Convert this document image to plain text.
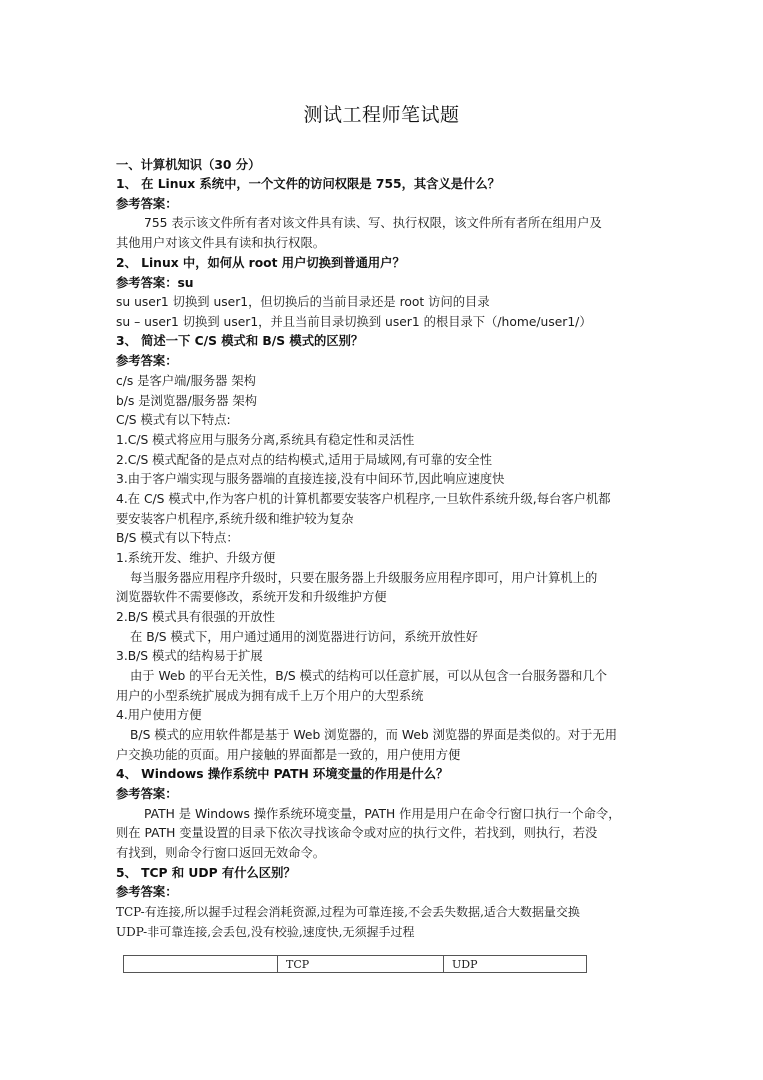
测试工程师笔试题
一、计算机知识（30 分）
1、 在 Linux 系统中，一个文件的访问权限是 755，其含义是什么？
参考答案：
755 表示该文件所有者对该文件具有读、写、执行权限，该文件所有者所在组用户及
其他用户对该文件具有读和执行权限。
2、 Linux 中，如何从 root 用户切换到普通用户？
参考答案：su
su user1 切换到 user1，但切换后的当前目录还是 root 访问的目录
su – user1 切换到 user1，并且当前目录切换到 user1 的根目录下（/home/user1/）
3、 简述一下 C/S 模式和 B/S 模式的区别？
参考答案：
c/s 是客户端/服务器 架构
b/s 是浏览器/服务器 架构
C/S 模式有以下特点:
1.C/S 模式将应用与服务分离,系统具有稳定性和灵活性
2.C/S 模式配备的是点对点的结构模式,适用于局域网,有可靠的安全性
3.由于客户端实现与服务器端的直接连接,没有中间环节,因此响应速度快
4.在 C/S 模式中,作为客户机的计算机都要安装客户机程序,一旦软件系统升级,每台客户机都
要安装客户机程序,系统升级和维护较为复杂
B/S 模式有以下特点：
1.系统开发、维护、升级方便
每当服务器应用程序升级时，只要在服务器上升级服务应用程序即可，用户计算机上的
浏览器软件不需要修改，系统开发和升级维护方便
2.B/S 模式具有很强的开放性
在 B/S 模式下，用户通过通用的浏览器进行访问，系统开放性好
3.B/S 模式的结构易于扩展
由于 Web 的平台无关性，B/S 模式的结构可以任意扩展，可以从包含一台服务器和几个
用户的小型系统扩展成为拥有成千上万个用户的大型系统
4.用户使用方便
B/S 模式的应用软件都是基于 Web 浏览器的，而 Web 浏览器的界面是类似的。对于无用
户交换功能的页面。用户接触的界面都是一致的，用户使用方便
4、 Windows 操作系统中 PATH 环境变量的作用是什么？
参考答案：
PATH 是 Windows 操作系统环境变量，PATH 作用是用户在命令行窗口执行一个命令，
则在 PATH 变量设置的目录下依次寻找该命令或对应的执行文件，若找到，则执行，若没
有找到，则命令行窗口返回无效命令。
5、 TCP 和 UDP 有什么区别？
参考答案：
TCP-有连接,所以握手过程会消耗资源,过程为可靠连接,不会丢失数据,适合大数据量交换
UDP-非可靠连接,会丢包,没有校验,速度快,无须握手过程
	TCP	UDP
